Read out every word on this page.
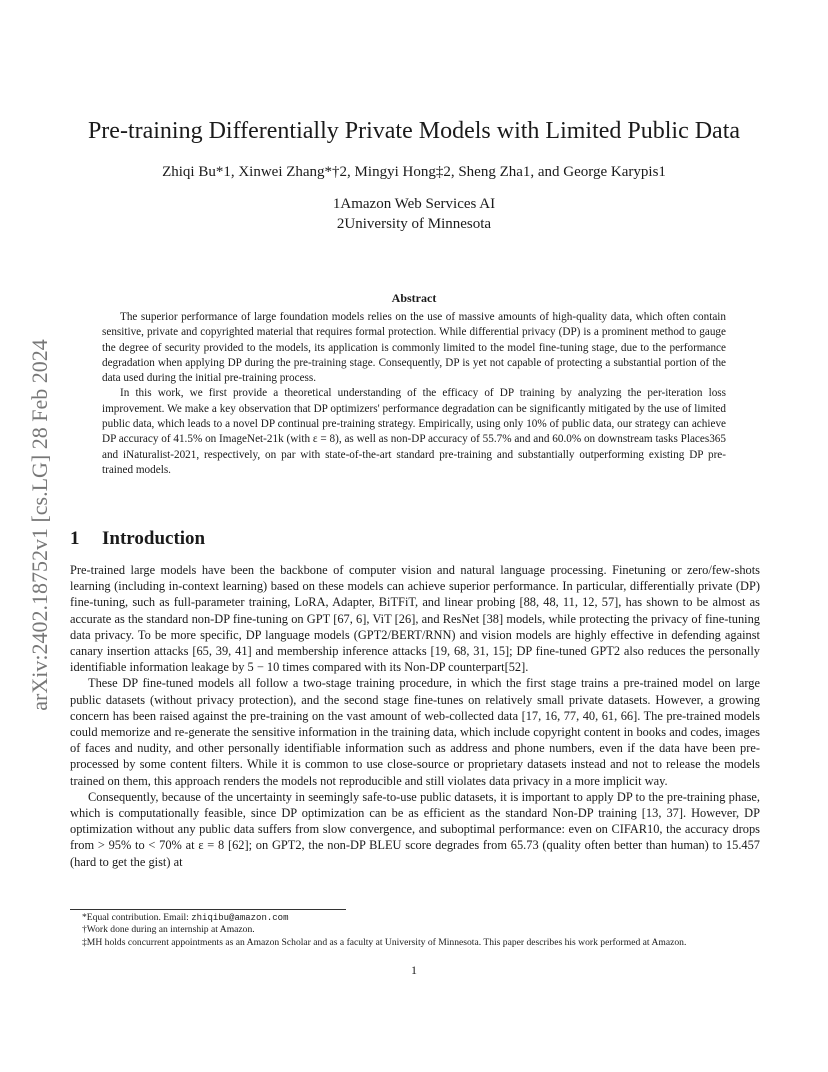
arXiv:2402.18752v1 [cs.LG] 28 Feb 2024
Pre-training Differentially Private Models with Limited Public Data
Zhiqi Bu*1, Xinwei Zhang*†2, Mingyi Hong‡2, Sheng Zha1, and George Karypis1
1Amazon Web Services AI
2University of Minnesota
Abstract

The superior performance of large foundation models relies on the use of massive amounts of high-quality data, which often contain sensitive, private and copyrighted material that requires formal protection. While differential privacy (DP) is a prominent method to gauge the degree of security provided to the models, its application is commonly limited to the model fine-tuning stage, due to the performance degradation when applying DP during the pre-training stage. Consequently, DP is yet not capable of protecting a substantial portion of the data used during the initial pre-training process.

In this work, we first provide a theoretical understanding of the efficacy of DP training by analyzing the per-iteration loss improvement. We make a key observation that DP optimizers' performance degradation can be significantly mitigated by the use of limited public data, which leads to a novel DP continual pre-training strategy. Empirically, using only 10% of public data, our strategy can achieve DP accuracy of 41.5% on ImageNet-21k (with ε = 8), as well as non-DP accuracy of 55.7% and and 60.0% on downstream tasks Places365 and iNaturalist-2021, respectively, on par with state-of-the-art standard pre-training and substantially outperforming existing DP pre-trained models.

1 Introduction

Pre-trained large models have been the backbone of computer vision and natural language processing. Finetuning or zero/few-shots learning (including in-context learning) based on these models can achieve superior performance. In particular, differentially private (DP) fine-tuning, such as full-parameter training, LoRA, Adapter, BiTFiT, and linear probing [88, 48, 11, 12, 57], has shown to be almost as accurate as the standard non-DP fine-tuning on GPT [67, 6], ViT [26], and ResNet [38] models, while protecting the privacy of fine-tuning data privacy. To be more specific, DP language models (GPT2/BERT/RNN) and vision models are highly effective in defending against canary insertion attacks [65, 39, 41] and membership inference attacks [19, 68, 31, 15]; DP fine-tuned GPT2 also reduces the personally identifiable information leakage by 5 − 10 times compared with its Non-DP counterpart[52].

These DP fine-tuned models all follow a two-stage training procedure, in which the first stage trains a pre-trained model on large public datasets (without privacy protection), and the second stage fine-tunes on relatively small private datasets. However, a growing concern has been raised against the pre-training on the vast amount of web-collected data [17, 16, 77, 40, 61, 66]. The pre-trained models could memorize and re-generate the sensitive information in the training data, which include copyright content in books and codes, images of faces and nudity, and other personally identifiable information such as address and phone numbers, even if the data have been pre-processed by some content filters. While it is common to use close-source or proprietary datasets instead and not to release the models trained on them, this approach renders the models not reproducible and still violates data privacy in a more implicit way.

Consequently, because of the uncertainty in seemingly safe-to-use public datasets, it is important to apply DP to the pre-training phase, which is computationally feasible, since DP optimization can be as efficient as the standard Non-DP training [13, 37]. However, DP optimization without any public data suffers from slow convergence, and suboptimal performance: even on CIFAR10, the accuracy drops from > 95% to < 70% at ε = 8 [62]; on GPT2, the non-DP BLEU score degrades from 65.73 (quality often better than human) to 15.457 (hard to get the gist) at

*Equal contribution. Email: zhiqibu@amazon.com

†Work done during an internship at Amazon.

‡MH holds concurrent appointments as an Amazon Scholar and as a faculty at University of Minnesota. This paper describes his work performed at Amazon.

1
